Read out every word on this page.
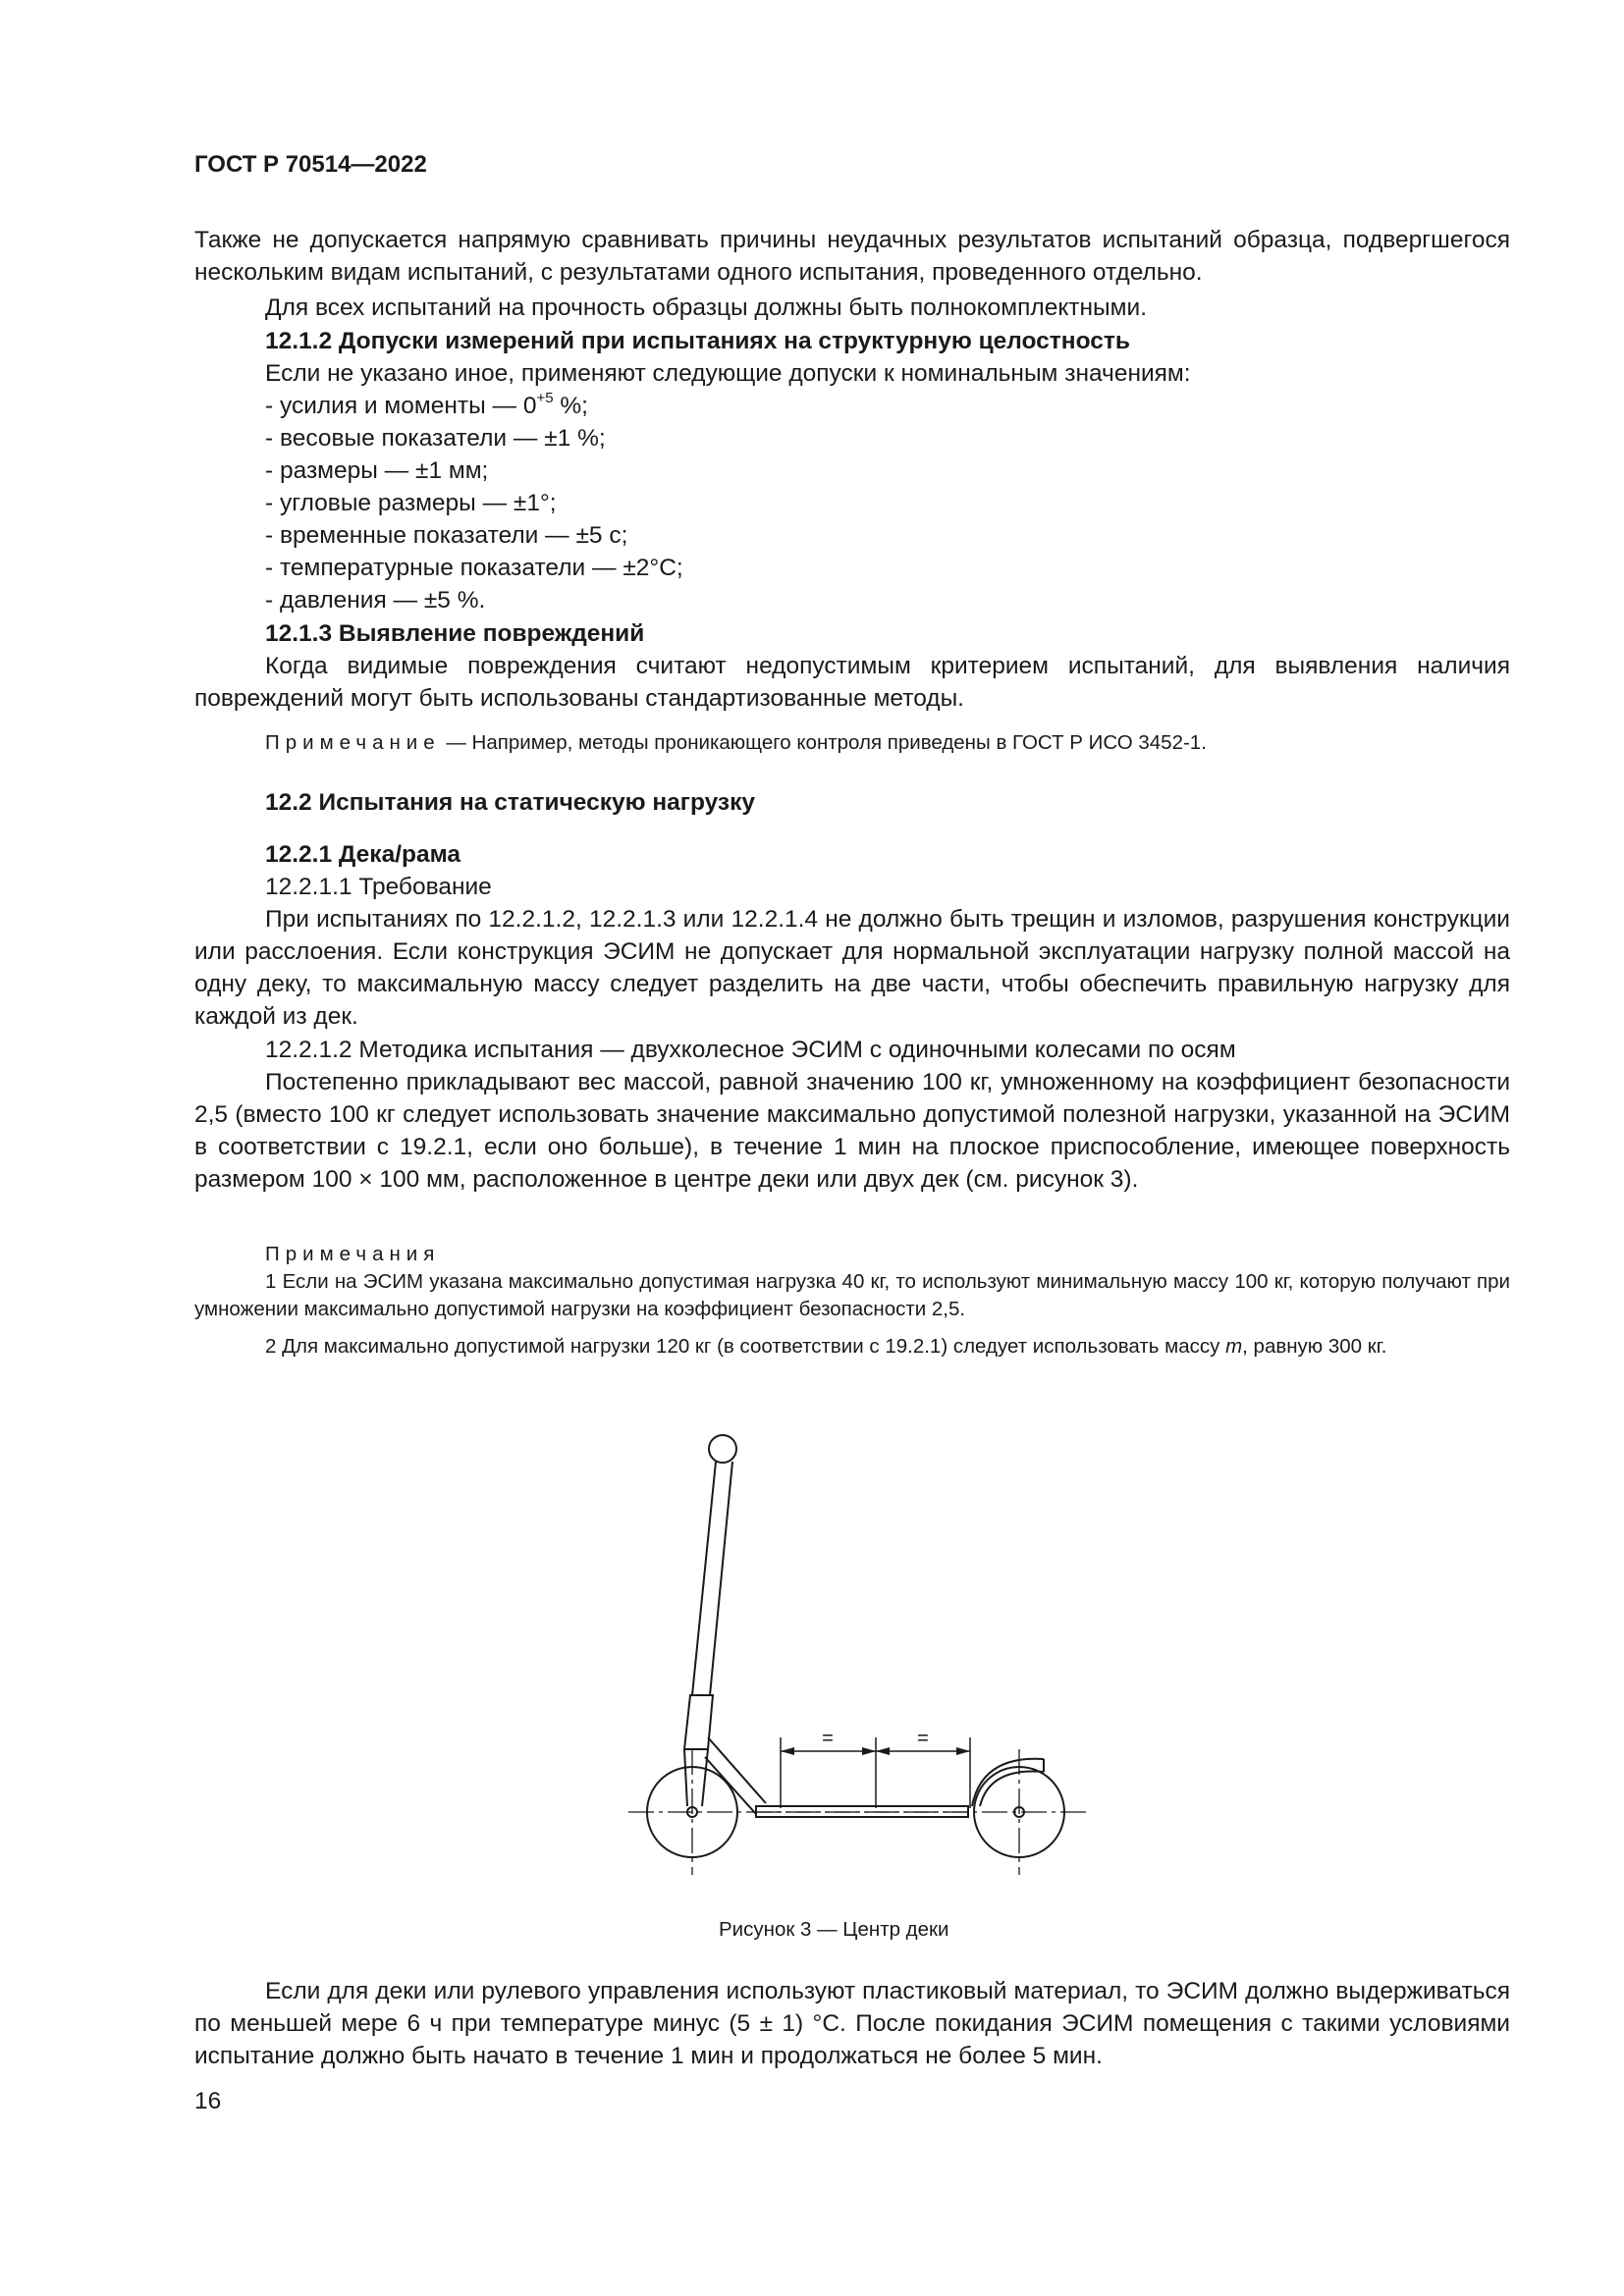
ГОСТ Р 70514—2022
Также не допускается напрямую сравнивать причины неудачных результатов испытаний образца, подвергшегося нескольким видам испытаний, с результатами одного испытания, проведенного отдельно.
Для всех испытаний на прочность образцы должны быть полнокомплектными.
12.1.2 Допуски измерений при испытаниях на структурную целостность
Если не указано иное, применяют следующие допуски к номинальным значениям:
- усилия и моменты — $0^{+5}$ %;
- весовые показатели — ±1 %;
- размеры — ±1 мм;
- угловые размеры — ±1°;
- временные показатели — ±5 с;
- температурные показатели — ±2°С;
- давления — ±5 %.
12.1.3 Выявление повреждений
Когда видимые повреждения считают недопустимым критерием испытаний, для выявления наличия повреждений могут быть использованы стандартизованные методы.
Примечание — Например, методы проникающего контроля приведены в ГОСТ Р ИСО 3452-1.
12.2 Испытания на статическую нагрузку
12.2.1 Дека/рама
12.2.1.1 Требование
При испытаниях по 12.2.1.2, 12.2.1.3 или 12.2.1.4 не должно быть трещин и изломов, разрушения конструкции или расслоения. Если конструкция ЭСИМ не допускает для нормальной эксплуатации нагрузку полной массой на одну деку, то максимальную массу следует разделить на две части, чтобы обеспечить правильную нагрузку для каждой из дек.
12.2.1.2 Методика испытания — двухколесное ЭСИМ с одиночными колесами по осям
Постепенно прикладывают вес массой, равной значению 100 кг, умноженному на коэффициент безопасности 2,5 (вместо 100 кг следует использовать значение максимально допустимой полезной нагрузки, указанной на ЭСИМ в соответствии с 19.2.1, если оно больше), в течение 1 мин на плоское приспособление, имеющее поверхность размером 100 × 100 мм, расположенное в центре деки или двух дек (см. рисунок 3).
Примечания
1 Если на ЭСИМ указана максимально допустимая нагрузка 40 кг, то используют минимальную массу 100 кг, которую получают при умножении максимально допустимой нагрузки на коэффициент безопасности 2,5.
2 Для максимально допустимой нагрузки 120 кг (в соответствии с 19.2.1) следует использовать массу m, равную 300 кг.
=	=
Рисунок 3 — Центр деки
Если для деки или рулевого управления используют пластиковый материал, то ЭСИМ должно выдерживаться по меньшей мере 6 ч при температуре минус (5 ± 1) °С. После покидания ЭСИМ помещения с такими условиями испытание должно быть начато в течение 1 мин и продолжаться не более 5 мин.
16
